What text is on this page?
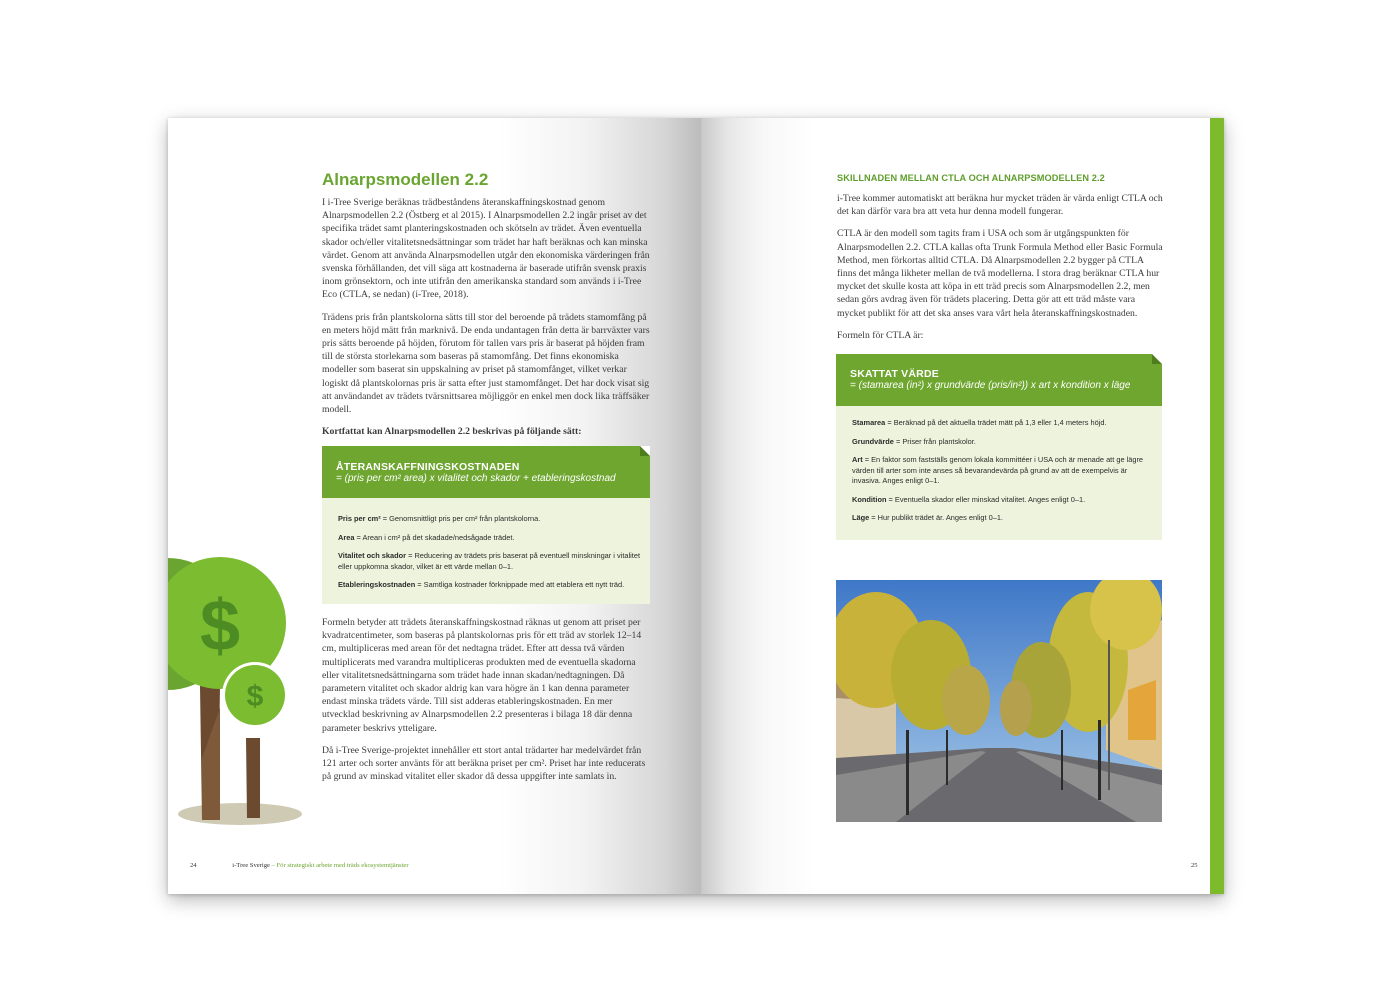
Alnarpsmodellen 2.2

I i-Tree Sverige beräknas trädbeståndens återanskaffningskostnad genom Alnarpsmodellen 2.2 (Östberg et al 2015). I Alnarpsmodellen 2.2 ingår priset av det specifika trädet samt planteringskostnaden och skötseln av trädet. Även eventuella skador och/eller vitalitetsnedsättningar som trädet har haft beräknas och kan minska värdet. Genom att använda Alnarpsmodellen utgår den ekonomiska värderingen från svenska förhållanden, det vill säga att kostnaderna är baserade utifrån svensk praxis inom grönsektorn, och inte utifrån den amerikanska standard som används i i-Tree Eco (CTLA, se nedan) (i-Tree, 2018).

Trädens pris från plantskolorna sätts till stor del beroende på trädets stamomfång på en meters höjd mätt från marknivå. De enda undantagen från detta är barrväxter vars pris sätts beroende på höjden, förutom för tallen vars pris är baserat på höjden fram till de största storlekarna som baseras på stamomfång. Det finns ekonomiska modeller som baserat sin uppskalning av priset på stamomfånget, vilket verkar logiskt då plantskolornas pris är satta efter just stamomfånget. Det har dock visat sig att användandet av trädets tvärsnittsarea möjliggör en enkel men dock lika träffsäker modell.

Kortfattat kan Alnarpsmodellen 2.2 beskrivas på följande sätt:

ÅTERANSKAFFNINGSKOSTNADEN
= (pris per cm² area) x vitalitet och skador + etableringskostnad

Pris per cm² = Genomsnittligt pris per cm² från plantskolorna.

Area = Arean i cm² på det skadade/nedsågade trädet.

Vitalitet och skador = Reducering av trädets pris baserat på eventuell minskningar i vitalitet eller uppkomna skador, vilket är ett värde mellan 0–1.

Etableringskostnaden = Samtliga kostnader förknippade med att etablera ett nytt träd.

Formeln betyder att trädets återanskaffningskostnad räknas ut genom att priset per kvadratcentimeter, som baseras på plantskolornas pris för ett träd av storlek 12–14 cm, multipliceras med arean för det nedtagna trädet. Efter att dessa två värden multiplicerats med varandra multipliceras produkten med de eventuella skadorna eller vitalitetsnedsättningarna som trädet hade innan skadan/nedtagningen. Då parametern vitalitet och skador aldrig kan vara högre än 1 kan denna parameter endast minska trädets värde. Till sist adderas etableringskostnaden. En mer utvecklad beskrivning av Alnarpsmodellen 2.2 presenteras i bilaga 18 där denna parameter beskrivs ytteligare.

Då i-Tree Sverige-projektet innehåller ett stort antal trädarter har medelvärdet från 121 arter och sorter använts för att beräkna priset per cm². Priset har inte reducerats på grund av minskad vitalitet eller skador då dessa uppgifter inte samlats in.

$
$
24	i-Tree Sverige – För strategiskt arbete med träds ekosystemtjänster
SKILLNADEN MELLAN CTLA OCH ALNARPSMODELLEN 2.2

i-Tree kommer automatiskt att beräkna hur mycket träden är värda enligt CTLA och det kan därför vara bra att veta hur denna modell fungerar.

CTLA är den modell som tagits fram i USA och som är utgångspunkten för Alnarpsmodellen 2.2. CTLA kallas ofta Trunk Formula Method eller Basic Formula Method, men förkortas alltid CTLA. Då Alnarpsmodellen 2.2 bygger på CTLA finns det många likheter mellan de två modellerna. I stora drag beräknar CTLA hur mycket det skulle kosta att köpa in ett träd precis som Alnarpsmodellen 2.2, men sedan görs avdrag även för trädets placering. Detta gör att ett träd måste vara mycket publikt för att det ska anses vara vårt hela återanskaffningskostnaden.

Formeln för CTLA är:

SKATTAT VÄRDE
= (stamarea (in²) x grundvärde (pris/in²)) x art x kondition x läge

Stamarea = Beräknad på det aktuella trädet mätt på 1,3 eller 1,4 meters höjd.

Grundvärde = Priser från plantskolor.

Art = En faktor som fastställs genom lokala kommittéer i USA och är menade att ge lägre värden till arter som inte anses så bevarandevärda på grund av att de exempelvis är invasiva. Anges enligt 0–1.

Kondition = Eventuella skador eller minskad vitalitet. Anges enligt 0–1.

Läge = Hur publikt trädet är. Anges enligt 0–1.

25
